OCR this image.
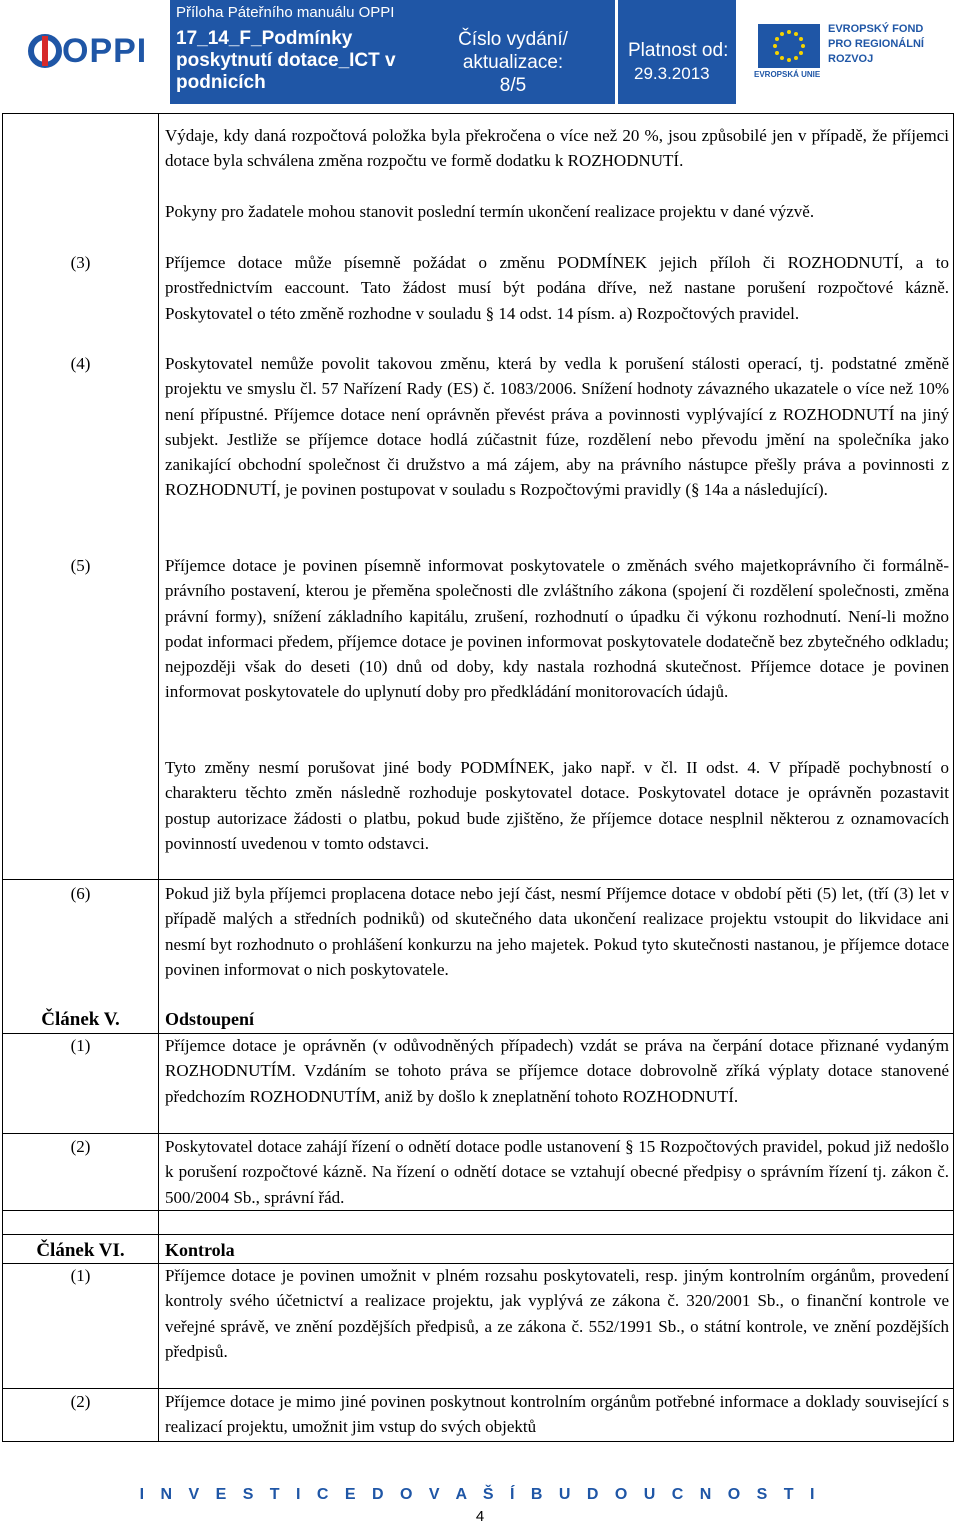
OPPI
Příloha Páteřního manuálu OPPI
17_14_F_Podmínky poskytnutí dotace_ICT v podnicích
Číslo vydání/ aktualizace:
8/5
Platnost od:
29.3.2013	EVROPSKÁ UNIE
EVROPSKÝ FOND
PRO REGIONÁLNÍ
ROZVOJ
Výdaje, kdy daná rozpočtová položka byla překročena o více než 20 %, jsou způsobilé jen v případě, že příjemci dotace byla schválena změna rozpočtu ve formě dodatku k ROZHODNUTÍ.
Pokyny pro žadatele mohou stanovit poslední termín ukončení realizace projektu v dané výzvě.
(3)	Příjemce dotace může písemně požádat o změnu PODMÍNEK jejich příloh či ROZHODNUTÍ, a to prostřednictvím eaccount. Tato žádost musí být podána dříve, než nastane porušení rozpočtové kázně. Poskytovatel o této změně rozhodne v souladu § 14 odst. 14 písm. a) Rozpočtových pravidel.
(4)	Poskytovatel nemůže povolit takovou změnu, která by vedla k porušení stálosti operací, tj. podstatné změně projektu ve smyslu čl. 57 Nařízení Rady (ES) č. 1083/2006. Snížení hodnoty závazného ukazatele o více než 10% není přípustné. Příjemce dotace není oprávněn převést práva a povinnosti vyplývající z ROZHODNUTÍ na jiný subjekt. Jestliže se příjemce dotace hodlá zúčastnit fúze, rozdělení nebo převodu jmění na společníka jako zanikající obchodní společnost či družstvo a má zájem, aby na právního nástupce přešly práva a povinnosti z ROZHODNUTÍ, je povinen postupovat v souladu s Rozpočtovými pravidly (§ 14a a následující).
(5)	Příjemce dotace je povinen písemně informovat poskytovatele o změnách svého majetkoprávního či formálně-právního postavení, kterou je přeměna společnosti dle zvláštního zákona (spojení či rozdělení společnosti, změna právní formy), snížení základního kapitálu, zrušení, rozhodnutí o úpadku či výkonu rozhodnutí. Není-li možno podat informaci předem, příjemce dotace je povinen informovat poskytovatele dodatečně bez zbytečného odkladu; nejpozději však do deseti (10) dnů od doby, kdy nastala rozhodná skutečnost. Příjemce dotace je povinen informovat poskytovatele do uplynutí doby pro předkládání monitorovacích údajů.
Tyto změny nesmí porušovat jiné body PODMÍNEK, jako např. v čl. II odst. 4. V případě pochybností o charakteru těchto změn následně rozhoduje poskytovatel dotace. Poskytovatel dotace je oprávněn pozastavit postup autorizace žádosti o platbu, pokud bude zjištěno, že příjemce dotace nesplnil některou z oznamovacích povinností uvedenou v tomto odstavci.
(6)	Pokud již byla příjemci proplacena dotace nebo její část, nesmí Příjemce dotace v období pěti (5) let, (tří (3) let v případě malých a středních podniků) od skutečného data ukončení realizace projektu vstoupit do likvidace ani nesmí byt rozhodnuto o prohlášení konkurzu na jeho majetek. Pokud tyto skutečnosti nastanou, je příjemce dotace povinen informovat o nich poskytovatele.
Článek V.	Odstoupení
(1)	Příjemce dotace je oprávněn (v odůvodněných případech) vzdát se práva na čerpání dotace přiznané vydaným ROZHODNUTÍM. Vzdáním se tohoto práva se příjemce dotace dobrovolně zříká výplaty dotace stanovené předchozím ROZHODNUTÍM, aniž by došlo k zneplatnění tohoto ROZHODNUTÍ.
(2)	Poskytovatel dotace zahájí řízení o odnětí dotace podle ustanovení § 15 Rozpočtových pravidel, pokud již nedošlo k porušení rozpočtové kázně. Na řízení o odnětí dotace se vztahují obecné předpisy o správním řízení tj. zákon č. 500/2004 Sb., správní řád.
Článek VI.	Kontrola
(1)	Příjemce dotace je povinen umožnit v plném rozsahu poskytovateli, resp. jiným kontrolním orgánům, provedení kontroly svého účetnictví a realizace projektu, jak vyplývá ze zákona č. 320/2001 Sb., o finanční kontrole ve veřejné správě, ve znění pozdějších předpisů, a ze zákona č. 552/1991 Sb., o státní kontrole, ve znění pozdějších předpisů.
(2)	Příjemce dotace je mimo jiné povinen poskytnout kontrolním orgánům potřebné informace a doklady související s realizací projektu, umožnit jim vstup do svých objektů
I N V E S T I C E D O V A Š Í B U D O U C N O S T I
4
